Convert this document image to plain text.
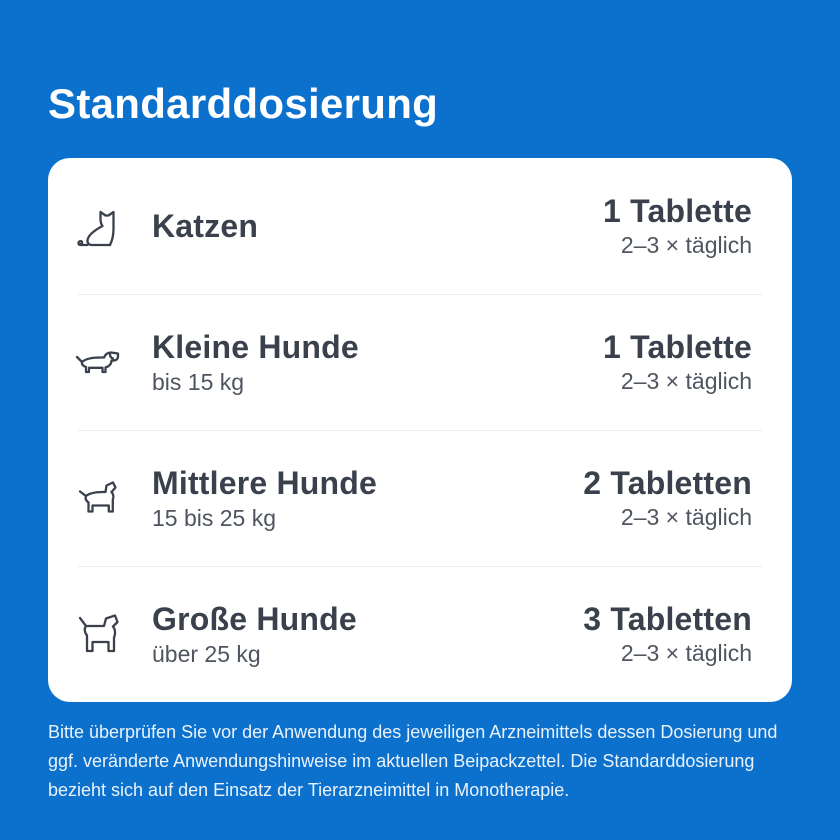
Standarddosierung
Katzen	1 Tablette
2–3 × täglich
Kleine Hunde
bis 15 kg
1 Tablette
2–3 × täglich
Mittlere Hunde
15 bis 25 kg
2 Tabletten
2–3 × täglich
Große Hunde
über 25 kg
3 Tabletten
2–3 × täglich

Bitte überprüfen Sie vor der Anwendung des jeweiligen Arzneimittels dessen Dosierung und ggf. veränderte Anwendungshinweise im aktuellen Beipackzettel. Die Standarddosierung bezieht sich auf den Einsatz der Tierarzneimittel in Monotherapie.
